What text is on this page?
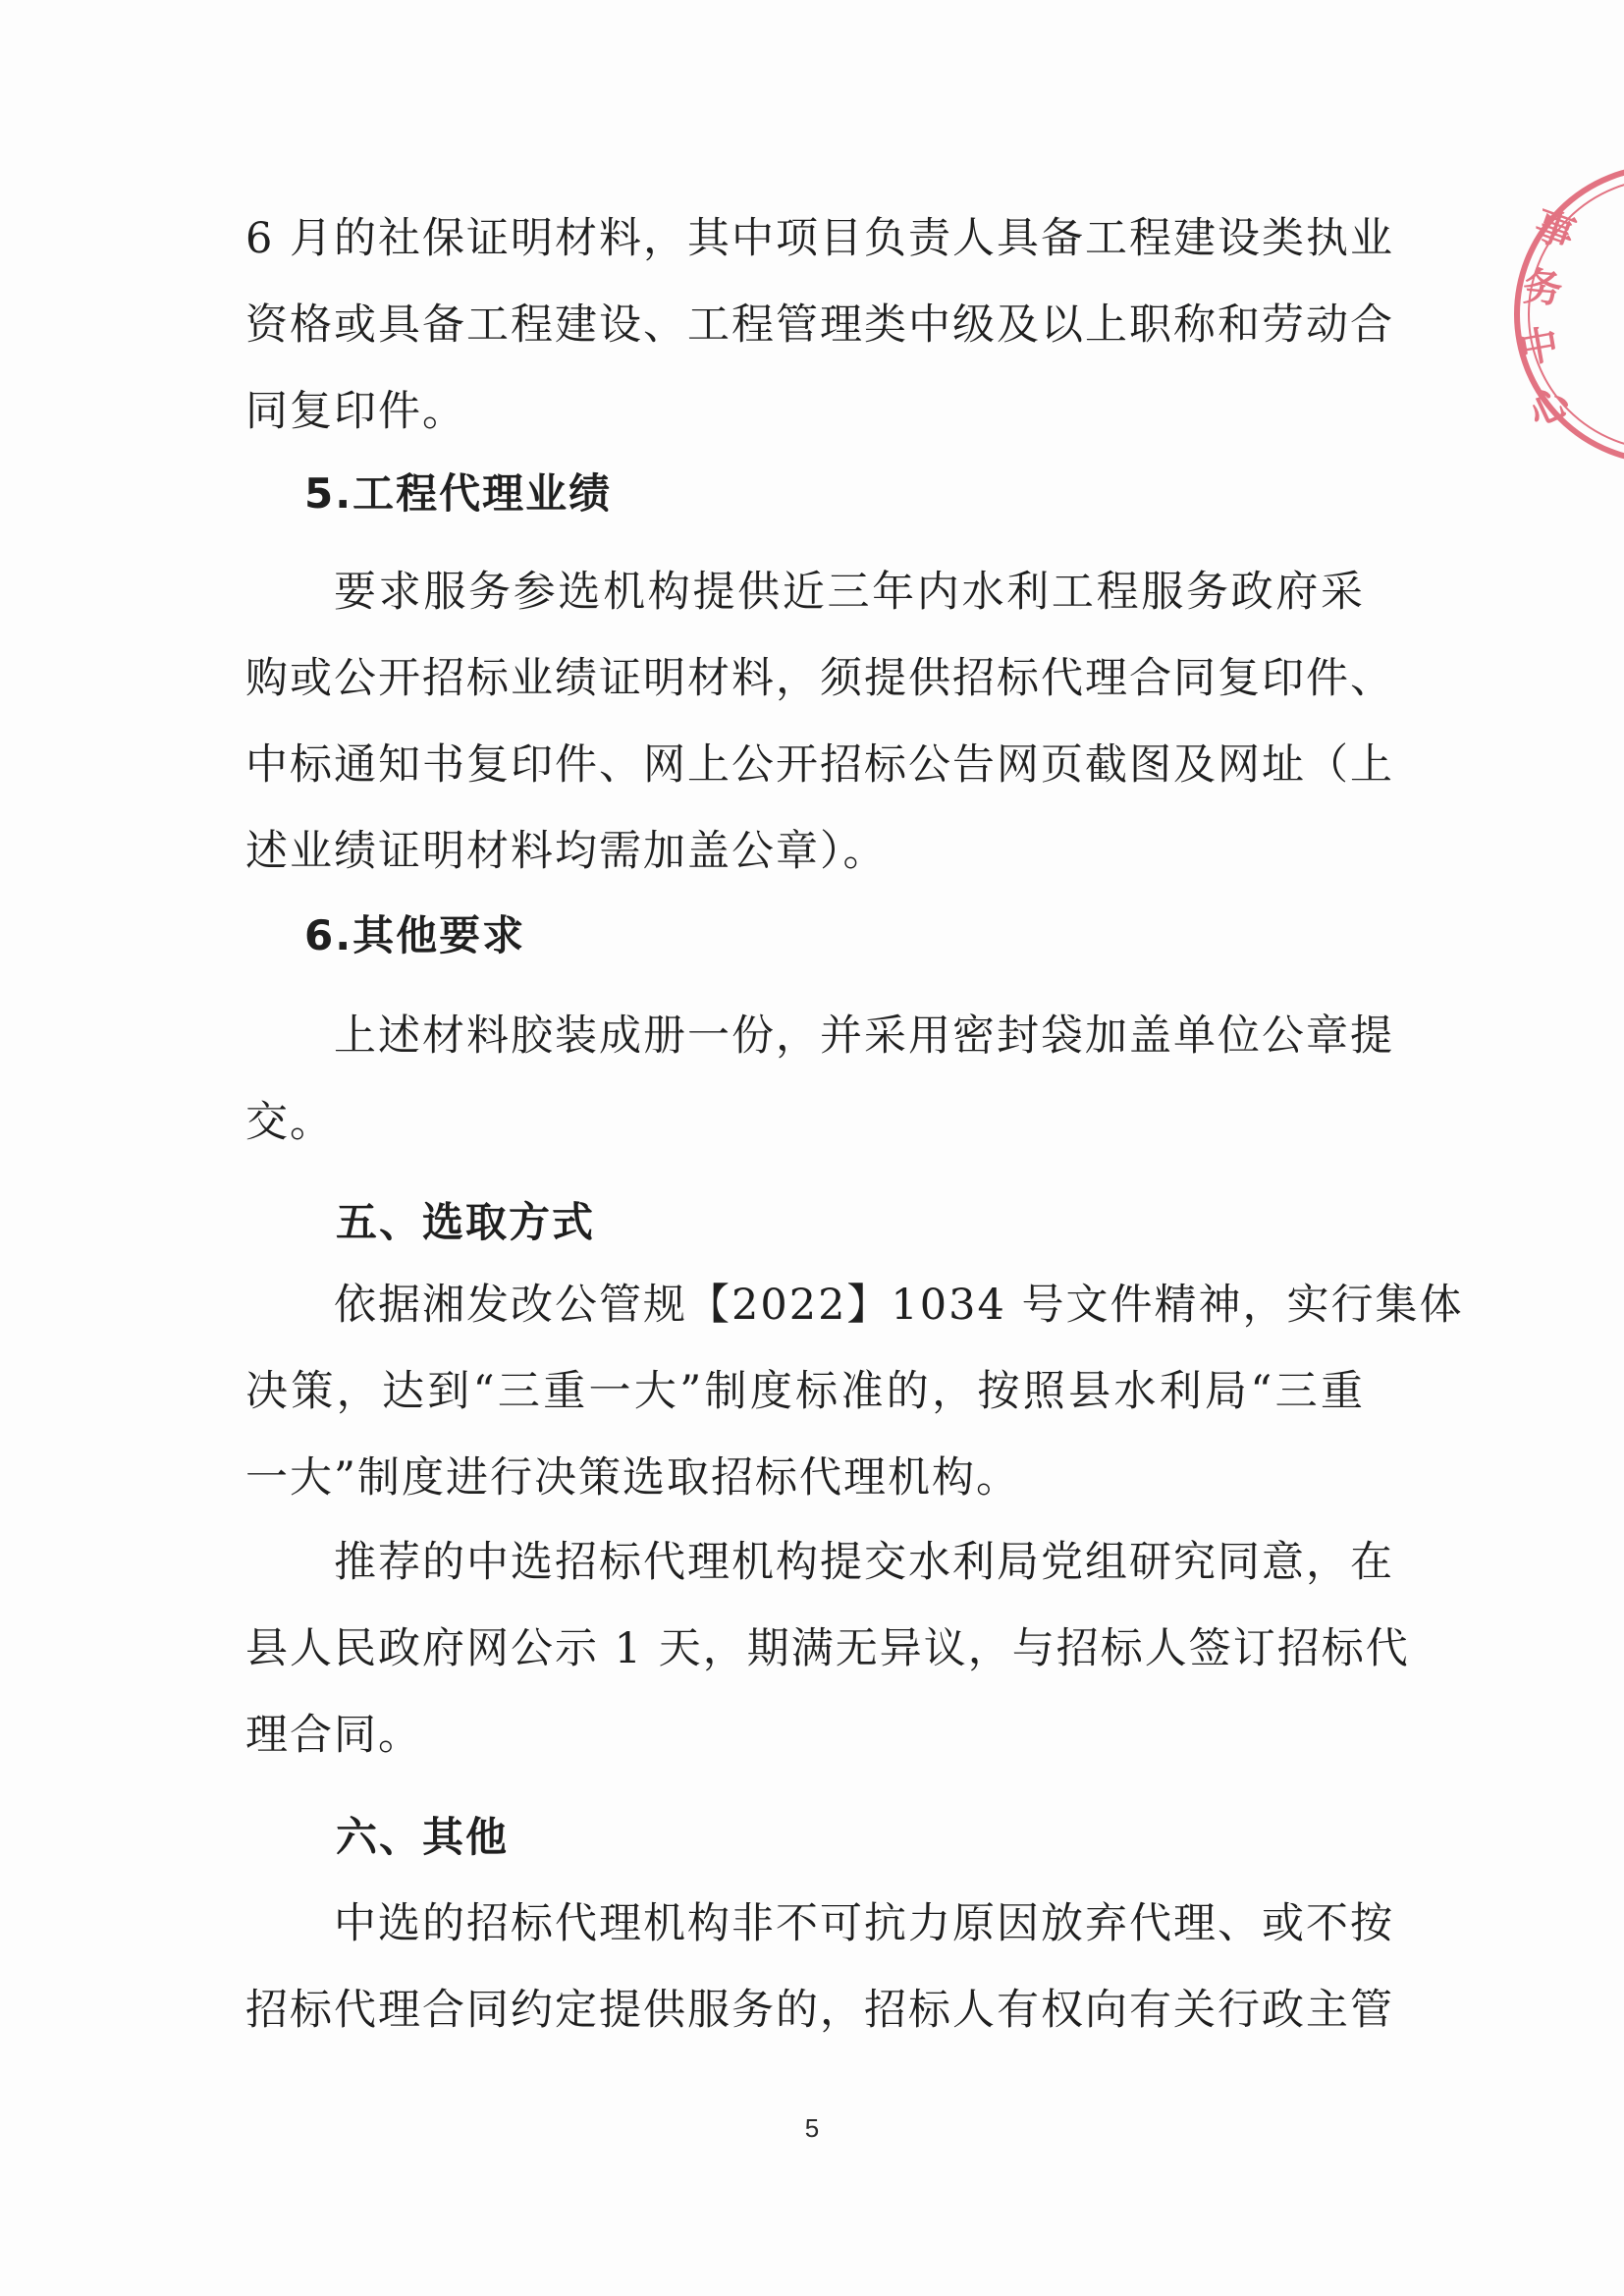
事
务
中
心
6 月的社保证明材料，其中项目负责人具备工程建设类执业
资格或具备工程建设、工程管理类中级及以上职称和劳动合
同复印件。
5.工程代理业绩
要求服务参选机构提供近三年内水利工程服务政府采
购或公开招标业绩证明材料，须提供招标代理合同复印件、
中标通知书复印件、网上公开招标公告网页截图及网址（上
述业绩证明材料均需加盖公章）。
6.其他要求
上述材料胶装成册一份，并采用密封袋加盖单位公章提
交。
五、选取方式
依据湘发改公管规【2022】1034 号文件精神，实行集体
决策，达到“三重一大”制度标准的，按照县水利局“三重
一大”制度进行决策选取招标代理机构。
推荐的中选招标代理机构提交水利局党组研究同意，在
县人民政府网公示 1 天，期满无异议，与招标人签订招标代
理合同。
六、其他
中选的招标代理机构非不可抗力原因放弃代理、或不按
招标代理合同约定提供服务的，招标人有权向有关行政主管
5
